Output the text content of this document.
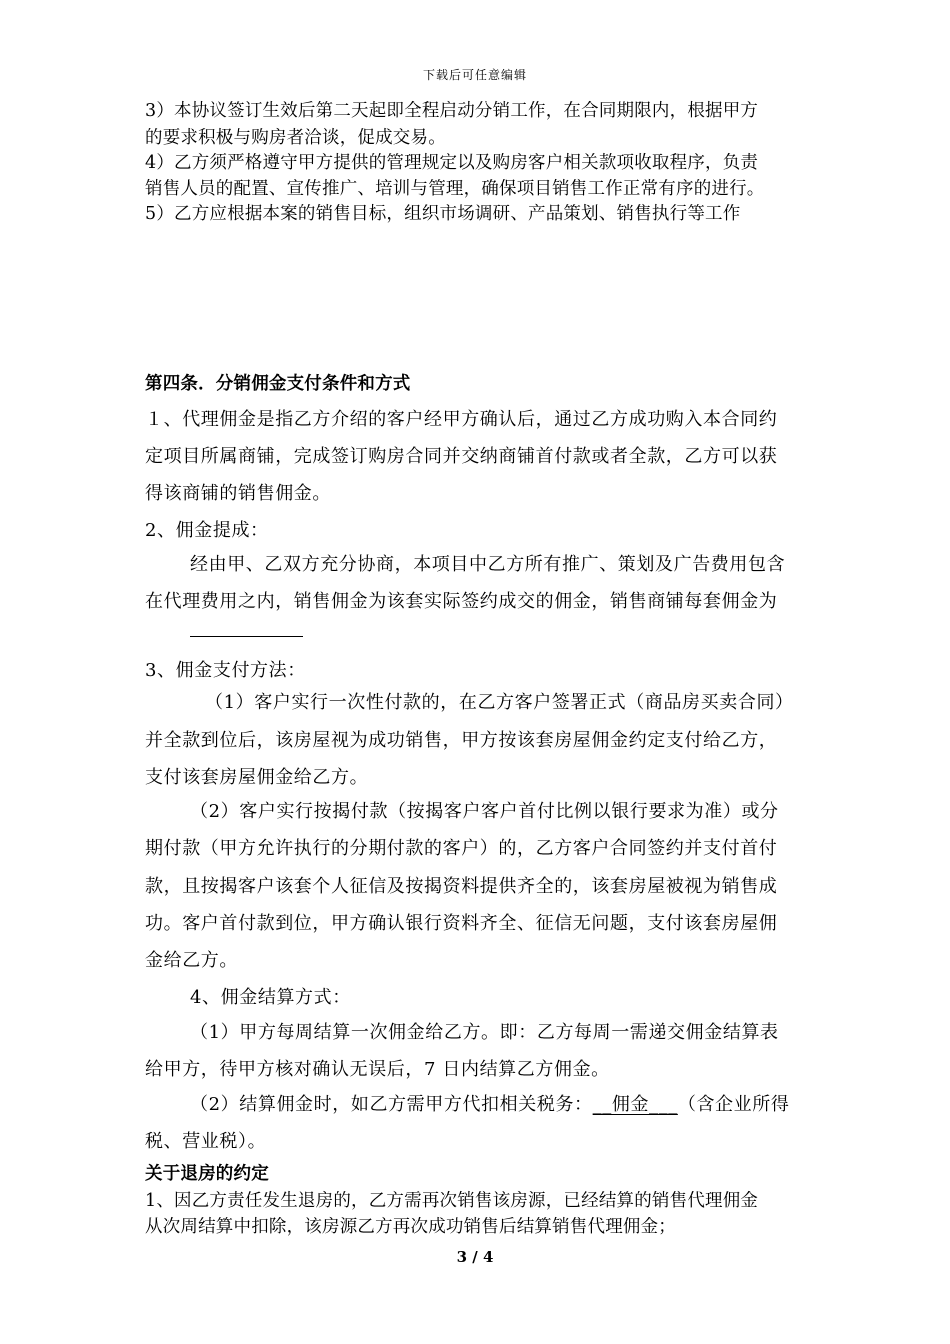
下载后可任意编辑
3）本协议签订生效后第二天起即全程启动分销工作，在合同期限内，根据甲方
的要求积极与购房者洽谈，促成交易。
4）乙方须严格遵守甲方提供的管理规定以及购房客户相关款项收取程序，负责
销售人员的配置、宣传推广、培训与管理，确保项目销售工作正常有序的进行。
5）乙方应根据本案的销售目标，组织市场调研、产品策划、销售执行等工作
第四条．分销佣金支付条件和方式
１、代理佣金是指乙方介绍的客户经甲方确认后，通过乙方成功购入本合同约
定项目所属商铺，完成签订购房合同并交纳商铺首付款或者全款，乙方可以获
得该商铺的销售佣金。
2、佣金提成：
经由甲、乙双方充分协商，本项目中乙方所有推广、策划及广告费用包含
在代理费用之内，销售佣金为该套实际签约成交的佣金，销售商铺每套佣金为
3、佣金支付方法：
（1）客户实行一次性付款的，在乙方客户签署正式（商品房买卖合同）
并全款到位后，该房屋视为成功销售，甲方按该套房屋佣金约定支付给乙方，
支付该套房屋佣金给乙方。
（2）客户实行按揭付款（按揭客户客户首付比例以银行要求为准）或分
期付款（甲方允许执行的分期付款的客户）的，乙方客户合同签约并支付首付
款，且按揭客户该套个人征信及按揭资料提供齐全的，该套房屋被视为销售成
功。客户首付款到位，甲方确认银行资料齐全、征信无问题，支付该套房屋佣
金给乙方。
4、佣金结算方式：
（1）甲方每周结算一次佣金给乙方。即：乙方每周一需递交佣金结算表
给甲方，待甲方核对确认无误后，7 日内结算乙方佣金。
（2）结算佣金时，如乙方需甲方代扣相关税务：__佣金___（含企业所得
税、营业税）。
关于退房的约定
1、因乙方责任发生退房的，乙方需再次销售该房源，已经结算的销售代理佣金
从次周结算中扣除，该房源乙方再次成功销售后结算销售代理佣金；
3 / 4
